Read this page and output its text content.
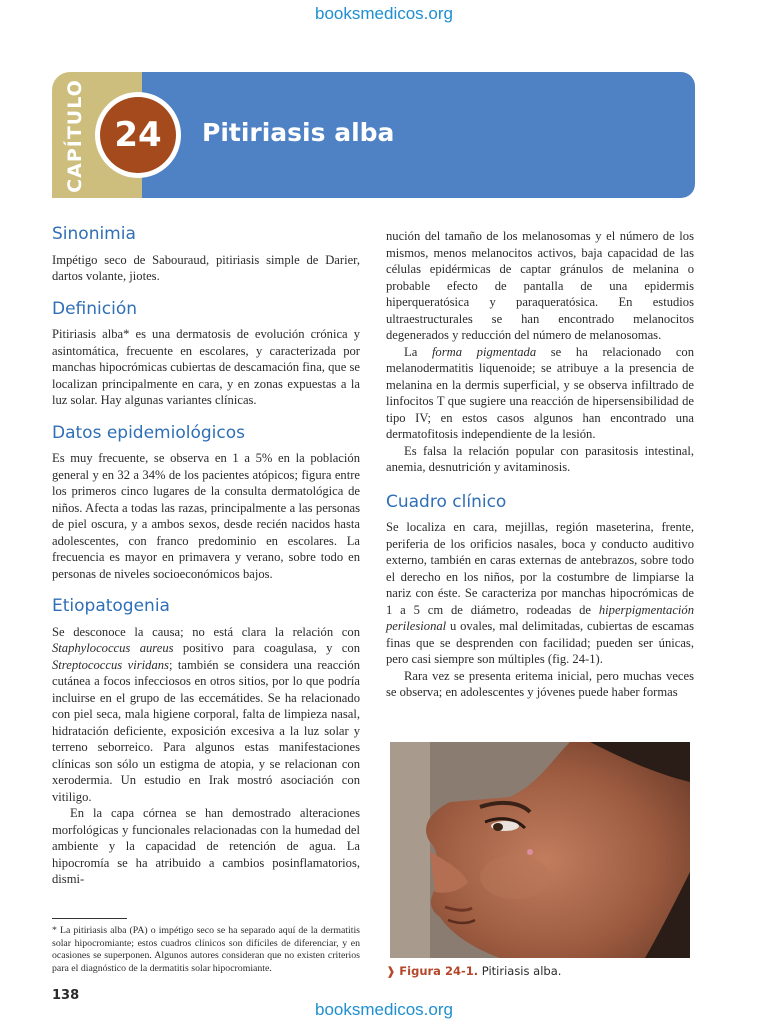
booksmedicos.org
CAPÍTULO 24 Pitiriasis alba
Sinonimia

Impétigo seco de Sabouraud, pitiriasis simple de Darier, dartos volante, jiotes.

Definición

Pitiriasis alba* es una dermatosis de evolución crónica y asintomática, frecuente en escolares, y caracterizada por manchas hipocrómicas cubiertas de descamación fina, que se localizan principalmente en cara, y en zonas expuestas a la luz solar. Hay algunas variantes clínicas.

Datos epidemiológicos

Es muy frecuente, se observa en 1 a 5% en la población general y en 32 a 34% de los pacientes atópicos; figura entre los primeros cinco lugares de la consulta dermatológica de niños. Afecta a todas las razas, principalmente a las personas de piel oscura, y a ambos sexos, desde recién nacidos hasta adolescentes, con franco predominio en escolares. La frecuencia es mayor en primavera y verano, sobre todo en personas de niveles socioeconómicos bajos.

Etiopatogenia

Se desconoce la causa; no está clara la relación con Staphylococcus aureus positivo para coagulasa, y con Streptococcus viridans; también se considera una reacción cutánea a focos infecciosos en otros sitios, por lo que podría incluirse en el grupo de las eccemátides. Se ha relacionado con piel seca, mala higiene corporal, falta de limpieza nasal, hidratación deficiente, exposición excesiva a la luz solar y terreno seborreico. Para algunos estas manifestaciones clínicas son sólo un estigma de atopia, y se relacionan con xerodermia. Un estudio en Irak mostró asociación con vitiligo.

En la capa córnea se han demostrado alteraciones morfológicas y funcionales relacionadas con la humedad del ambiente y la capacidad de retención de agua. La hipocromía se ha atribuido a cambios posinflamatorios, dismi-

* La pitiriasis alba (PA) o impétigo seco se ha separado aquí de la dermatitis solar hipocromiante; estos cuadros clínicos son difíciles de diferenciar, y en ocasiones se superponen. Algunos autores consideran que no existen criterios para el diagnóstico de la dermatitis solar hipocromiante.
138

nución del tamaño de los melanosomas y el número de los mismos, menos melanocitos activos, baja capacidad de las células epidérmicas de captar gránulos de melanina o probable efecto de pantalla de una epidermis hiperqueratósica y paraqueratósica. En estudios ultraestructurales se han encontrado melanocitos degenerados y reducción del número de melanosomas.

La forma pigmentada se ha relacionado con melanodermatitis liquenoide; se atribuye a la presencia de melanina en la dermis superficial, y se observa infiltrado de linfocitos T que sugiere una reacción de hipersensibilidad de tipo IV; en estos casos algunos han encontrado una dermatofitosis independiente de la lesión.

Es falsa la relación popular con parasitosis intestinal, anemia, desnutrición y avitaminosis.

Cuadro clínico

Se localiza en cara, mejillas, región maseterina, frente, periferia de los orificios nasales, boca y conducto auditivo externo, también en caras externas de antebrazos, sobre todo el derecho en los niños, por la costumbre de limpiarse la nariz con éste. Se caracteriza por manchas hipocrómicas de 1 a 5 cm de diámetro, rodeadas de hiperpigmentación perilesional u ovales, mal delimitadas, cubiertas de escamas finas que se desprenden con facilidad; pueden ser únicas, pero casi siempre son múltiples (fig. 24-1).

Rara vez se presenta eritema inicial, pero muchas veces se observa; en adolescentes y jóvenes puede haber formas

❱ Figura 24-1. Pitiriasis alba.
booksmedicos.org
